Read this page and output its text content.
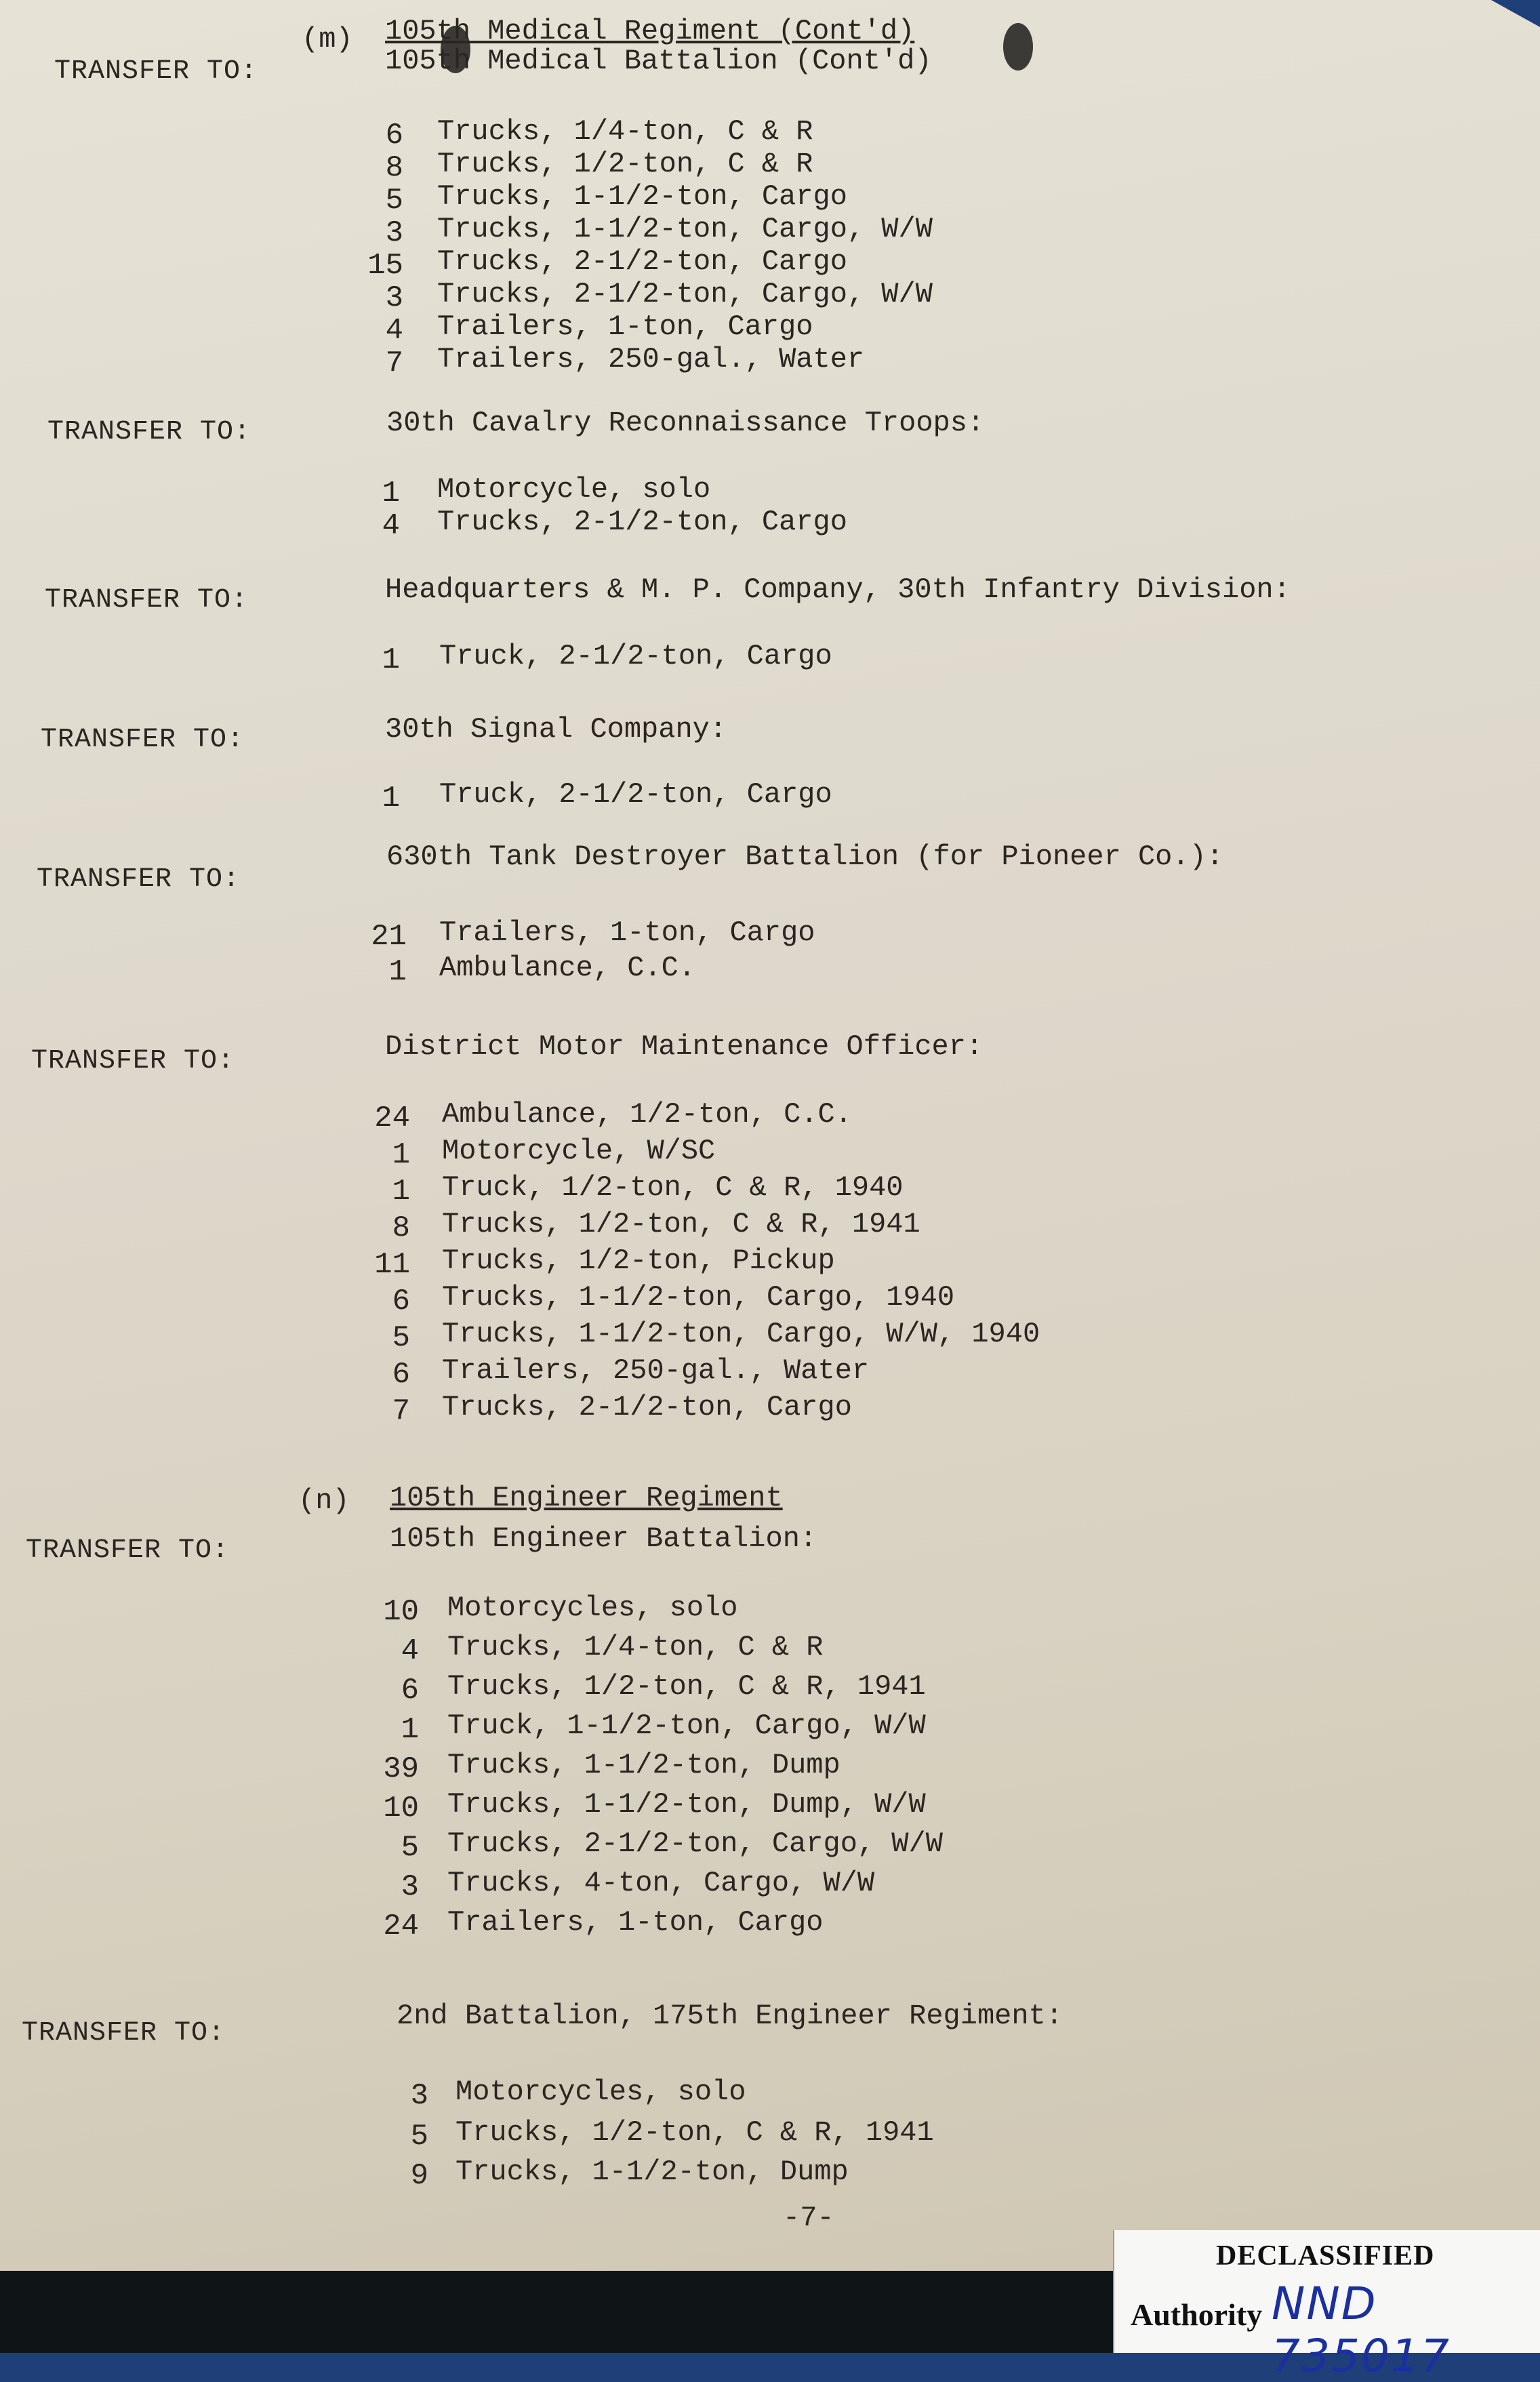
(m) 105th Medical Regiment (Cont'd)
105th Medical Battalion (Cont'd)
TRANSFER TO:
6 Trucks, 1/4-ton, C & R
8 Trucks, 1/2-ton, C & R
5 Trucks, 1-1/2-ton, Cargo
3 Trucks, 1-1/2-ton, Cargo, W/W
15 Trucks, 2-1/2-ton, Cargo
3 Trucks, 2-1/2-ton, Cargo, W/W
4 Trailers, 1-ton, Cargo
7 Trailers, 250-gal., Water
TRANSFER TO:	30th Cavalry Reconnaissance Troops:
1 Motorcycle, solo
4 Trucks, 2-1/2-ton, Cargo
TRANSFER TO:	Headquarters & M. P. Company, 30th Infantry Division:
1 Truck, 2-1/2-ton, Cargo
TRANSFER TO:	30th Signal Company:
1 Truck, 2-1/2-ton, Cargo
TRANSFER TO:
630th Tank Destroyer Battalion (for Pioneer Co.):
21 Trailers, 1-ton, Cargo
1 Ambulance, C.C.
TRANSFER TO:	District Motor Maintenance Officer:
24 Ambulance, 1/2-ton, C.C.
1 Motorcycle, W/SC
1 Truck, 1/2-ton, C & R, 1940
8 Trucks, 1/2-ton, C & R, 1941
11 Trucks, 1/2-ton, Pickup
6 Trucks, 1-1/2-ton, Cargo, 1940
5 Trucks, 1-1/2-ton, Cargo, W/W, 1940
6 Trailers, 250-gal., Water
7 Trucks, 2-1/2-ton, Cargo
TRANSFER TO:
(n) 105th Engineer Regiment
105th Engineer Battalion:
10 Motorcycles, solo
4 Trucks, 1/4-ton, C & R
6 Trucks, 1/2-ton, C & R, 1941
1 Truck, 1-1/2-ton, Cargo, W/W
39 Trucks, 1-1/2-ton, Dump
10 Trucks, 1-1/2-ton, Dump, W/W
5 Trucks, 2-1/2-ton, Cargo, W/W
3 Trucks, 4-ton, Cargo, W/W
24 Trailers, 1-ton, Cargo
TRANSFER TO:
2nd Battalion, 175th Engineer Regiment:
3 Motorcycles, solo
5 Trucks, 1/2-ton, C & R, 1941
9 Trucks, 1-1/2-ton, Dump
-7-
DECLASSIFIED
Authority NND 735017
